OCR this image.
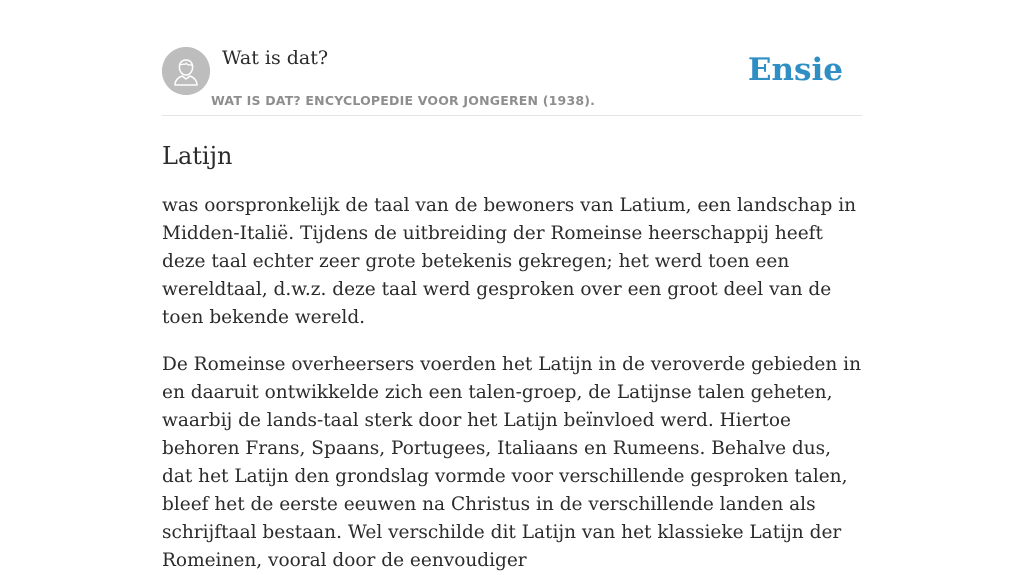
Wat is dat?
WAT IS DAT? ENCYCLOPEDIE VOOR JONGEREN (1938).
Ensie
Latijn

was oorspronkelijk de taal van de bewoners van Latium, een landschap in Midden-Italië. Tijdens de uitbreiding der Romeinse heerschappij heeft deze taal echter zeer grote betekenis gekregen; het werd toen een wereldtaal, d.w.z. deze taal werd gesproken over een groot deel van de toen bekende wereld.

De Romeinse overheersers voerden het Latijn in de veroverde gebieden in en daaruit ontwikkelde zich een talen-groep, de Latijnse talen geheten, waarbij de lands-taal sterk door het Latijn beïnvloed werd. Hiertoe behoren Frans, Spaans, Portugees, Italiaans en Rumeens. Behalve dus, dat het Latijn den grondslag vormde voor verschillende gesproken talen, bleef het de eerste eeuwen na Christus in de verschillende landen als schrijftaal bestaan. Wel verschilde dit Latijn van het klassieke Latijn der Romeinen, vooral door de eenvoudiger
